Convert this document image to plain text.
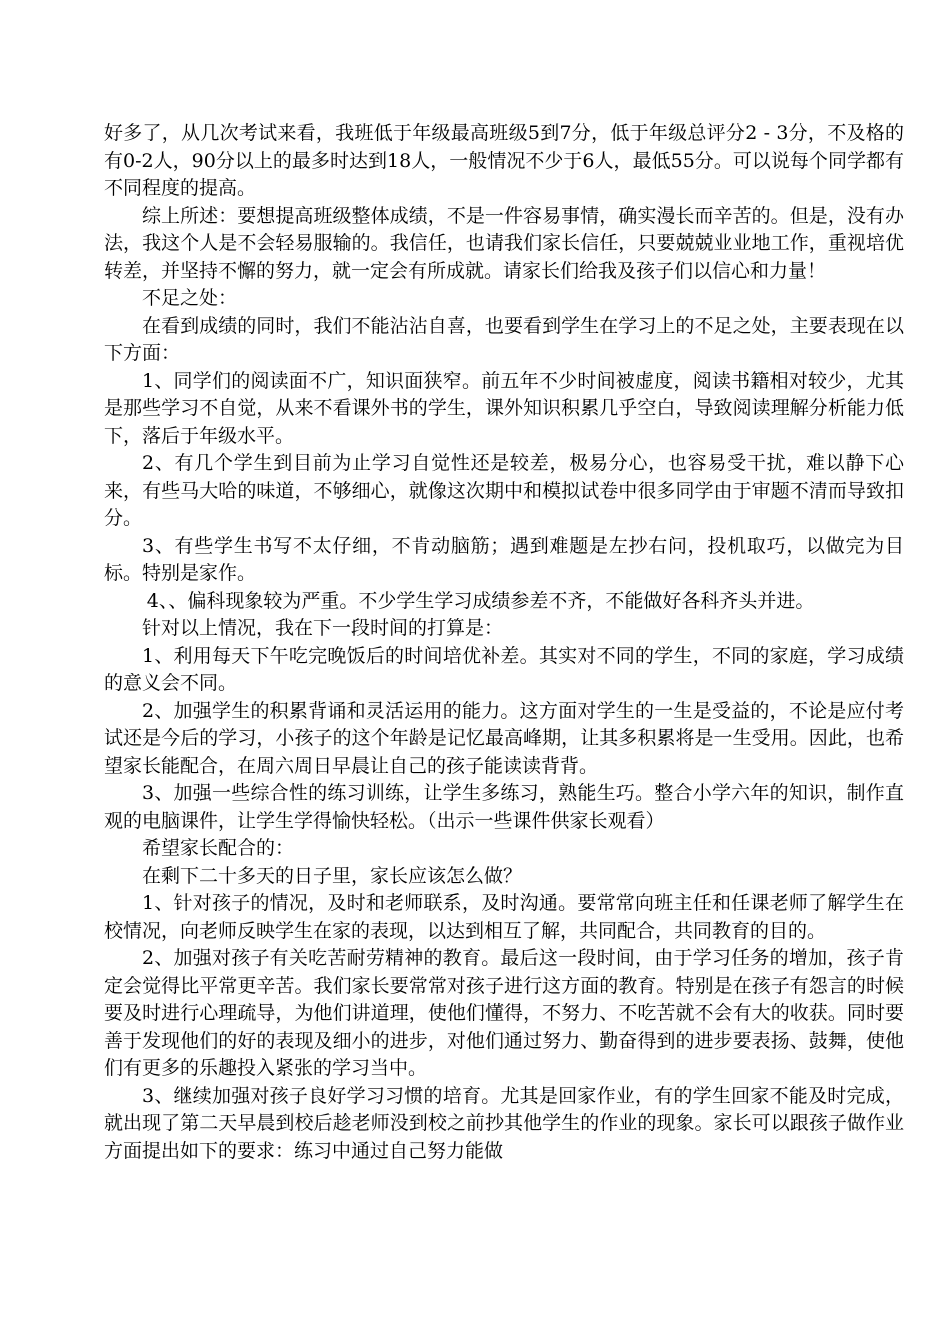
好多了，从几次考试来看，我班低于年级最高班级5到7分，低于年级总评分2 - 3分，不及格的有0-2人，90分以上的最多时达到18人，一般情况不少于6人，最低55分。可以说每个同学都有不同程度的提高。

综上所述：要想提高班级整体成绩，不是一件容易事情，确实漫长而辛苦的。但是，没有办法，我这个人是不会轻易服输的。我信任，也请我们家长信任，只要兢兢业业地工作，重视培优转差，并坚持不懈的努力，就一定会有所成就。请家长们给我及孩子们以信心和力量！

不足之处：

在看到成绩的同时，我们不能沾沾自喜，也要看到学生在学习上的不足之处，主要表现在以下方面：

1、同学们的阅读面不广，知识面狭窄。前五年不少时间被虚度，阅读书籍相对较少，尤其是那些学习不自觉，从来不看课外书的学生，课外知识积累几乎空白，导致阅读理解分析能力低下，落后于年级水平。

2、有几个学生到目前为止学习自觉性还是较差，极易分心，也容易受干扰，难以静下心来，有些马大哈的味道，不够细心，就像这次期中和模拟试卷中很多同学由于审题不清而导致扣分。

3、有些学生书写不太仔细，不肯动脑筋；遇到难题是左抄右问，投机取巧，以做完为目标。特别是家作。

4、、偏科现象较为严重。不少学生学习成绩参差不齐，不能做好各科齐头并进。

针对以上情况，我在下一段时间的打算是：

1、利用每天下午吃完晚饭后的时间培优补差。其实对不同的学生，不同的家庭，学习成绩的意义会不同。

2、加强学生的积累背诵和灵活运用的能力。这方面对学生的一生是受益的，不论是应付考试还是今后的学习，小孩子的这个年龄是记忆最高峰期，让其多积累将是一生受用。因此，也希望家长能配合，在周六周日早晨让自己的孩子能读读背背。

3、加强一些综合性的练习训练，让学生多练习，熟能生巧。整合小学六年的知识，制作直观的电脑课件，让学生学得愉快轻松。（出示一些课件供家长观看）

希望家长配合的：

在剩下二十多天的日子里，家长应该怎么做？

1、针对孩子的情况，及时和老师联系，及时沟通。要常常向班主任和任课老师了解学生在校情况，向老师反映学生在家的表现，以达到相互了解，共同配合，共同教育的目的。

2、加强对孩子有关吃苦耐劳精神的教育。最后这一段时间，由于学习任务的增加，孩子肯定会觉得比平常更辛苦。我们家长要常常对孩子进行这方面的教育。特别是在孩子有怨言的时候要及时进行心理疏导，为他们讲道理，使他们懂得，不努力、不吃苦就不会有大的收获。同时要善于发现他们的好的表现及细小的进步，对他们通过努力、勤奋得到的进步要表扬、鼓舞，使他们有更多的乐趣投入紧张的学习当中。

3、继续加强对孩子良好学习习惯的培育。尤其是回家作业，有的学生回家不能及时完成，就出现了第二天早晨到校后趁老师没到校之前抄其他学生的作业的现象。家长可以跟孩子做作业方面提出如下的要求：练习中通过自己努力能做
